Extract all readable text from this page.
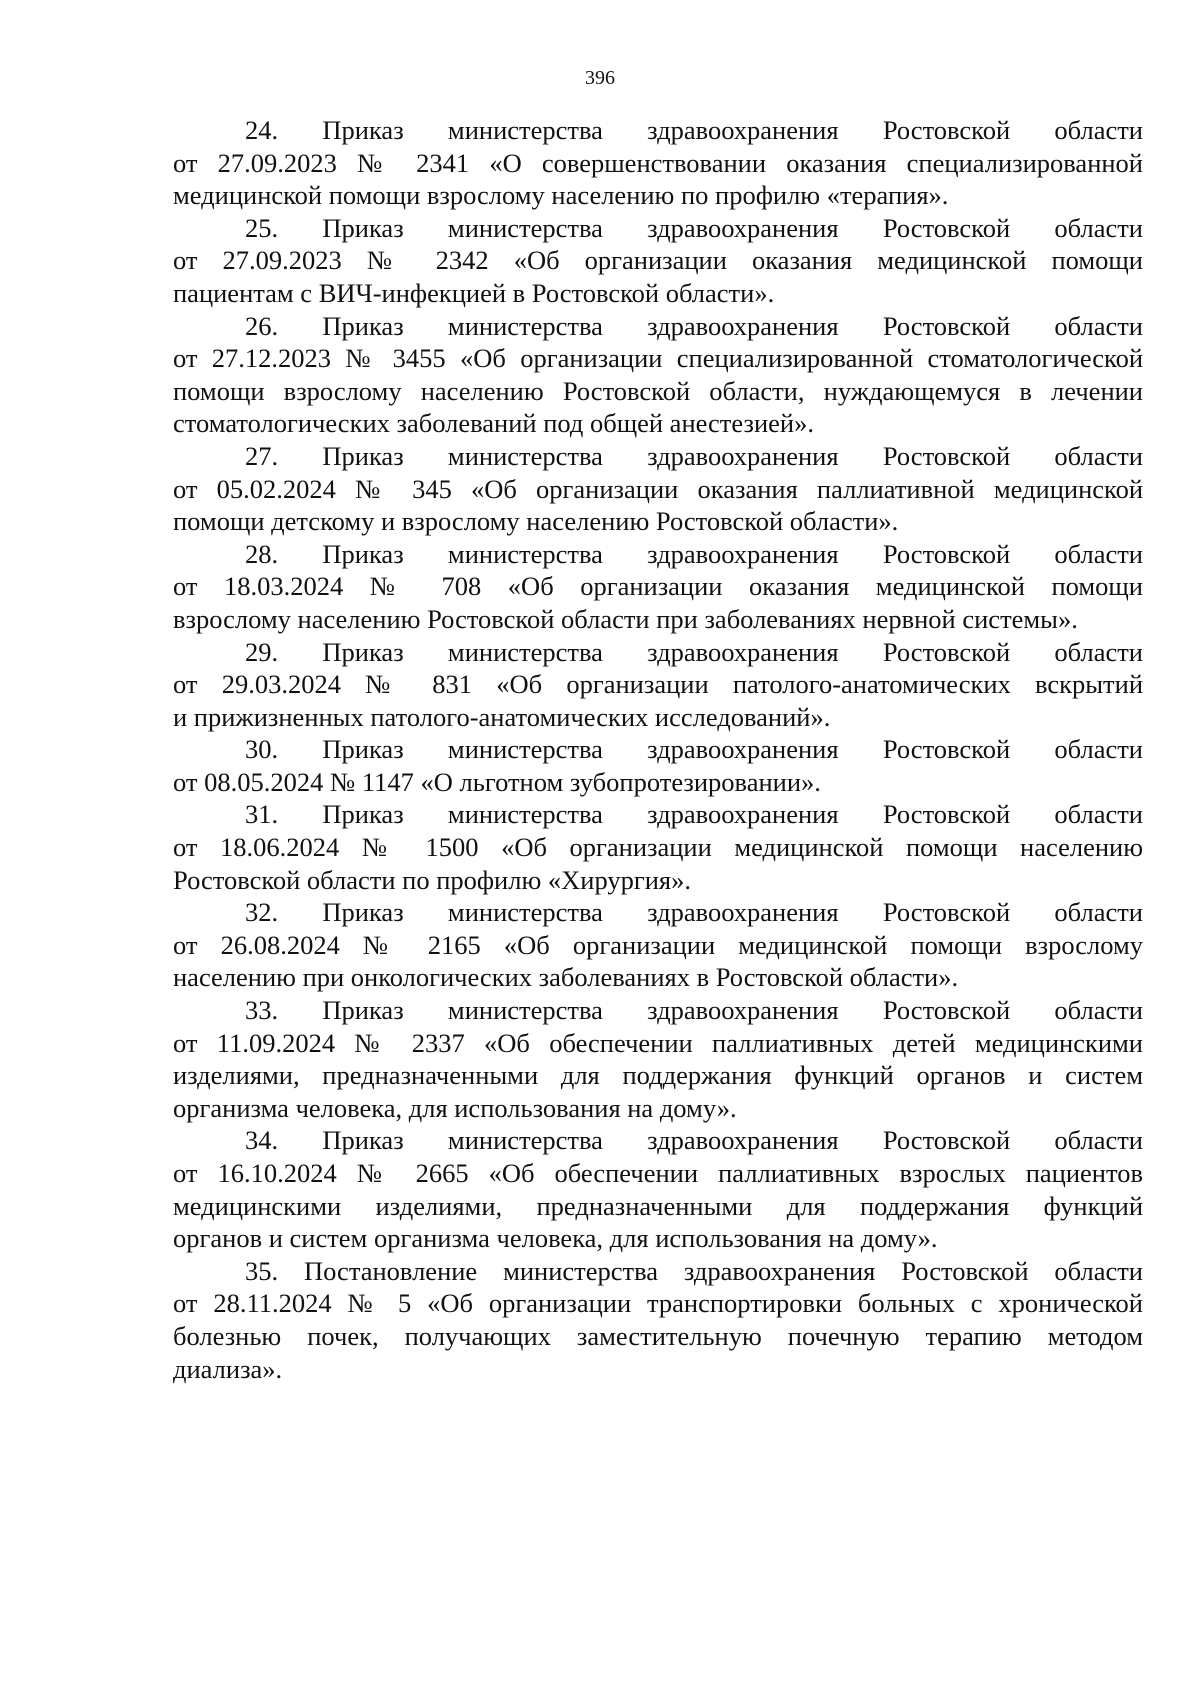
396

24. Приказ министерства здравоохранения Ростовской области
от 27.09.2023 № 2341 «О совершенствовании оказания специализированной
медицинской помощи взрослому населению по профилю «терапия».

25. Приказ министерства здравоохранения Ростовской области
от 27.09.2023 № 2342 «Об организации оказания медицинской помощи
пациентам с ВИЧ-инфекцией в Ростовской области».

26. Приказ министерства здравоохранения Ростовской области
от 27.12.2023 № 3455 «Об организации специализированной стоматологической
помощи взрослому населению Ростовской области, нуждающемуся в лечении
стоматологических заболеваний под общей анестезией».

27. Приказ министерства здравоохранения Ростовской области
от 05.02.2024 № 345 «Об организации оказания паллиативной медицинской
помощи детскому и взрослому населению Ростовской области».

28. Приказ министерства здравоохранения Ростовской области
от 18.03.2024 № 708 «Об организации оказания медицинской помощи
взрослому населению Ростовской области при заболеваниях нервной системы».

29. Приказ министерства здравоохранения Ростовской области
от 29.03.2024 № 831 «Об организации патолого-анатомических вскрытий
и прижизненных патолого-анатомических исследований».

30. Приказ министерства здравоохранения Ростовской области
от 08.05.2024 № 1147 «О льготном зубопротезировании».

31. Приказ министерства здравоохранения Ростовской области
от 18.06.2024 № 1500 «Об организации медицинской помощи населению
Ростовской области по профилю «Хирургия».

32. Приказ министерства здравоохранения Ростовской области
от 26.08.2024 № 2165 «Об организации медицинской помощи взрослому
населению при онкологических заболеваниях в Ростовской области».

33. Приказ министерства здравоохранения Ростовской области
от 11.09.2024 № 2337 «Об обеспечении паллиативных детей медицинскими
изделиями, предназначенными для поддержания функций органов и систем
организма человека, для использования на дому».

34. Приказ министерства здравоохранения Ростовской области
от 16.10.2024 № 2665 «Об обеспечении паллиативных взрослых пациентов
медицинскими изделиями, предназначенными для поддержания функций
органов и систем организма человека, для использования на дому».

35. Постановление министерства здравоохранения Ростовской области
от 28.11.2024 № 5 «Об организации транспортировки больных с хронической
болезнью почек, получающих заместительную почечную терапию методом
диализа».
